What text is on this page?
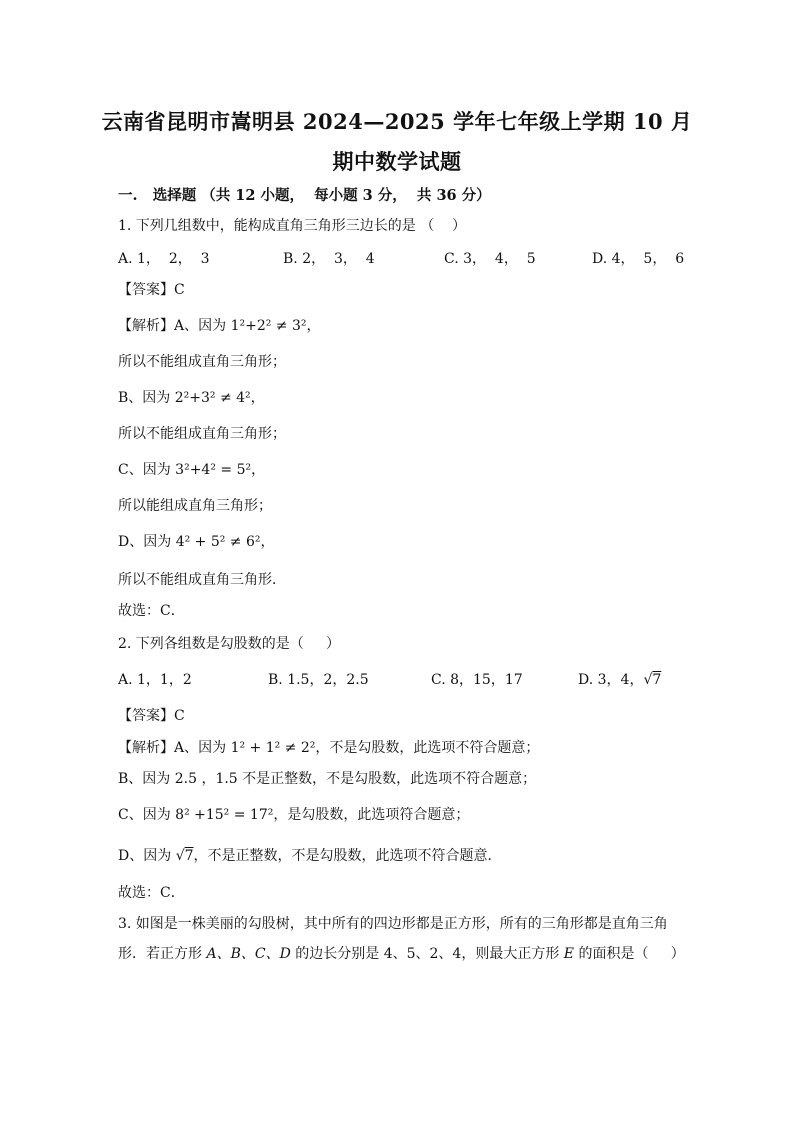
云南省昆明市嵩明县 2024—2025 学年七年级上学期 10 月
期中数学试题
一.   选择题 （共 12 小题，  每小题 3 分，  共 36 分）
1. 下列几组数中，能构成直角三角形三边长的是 （    ）
A. 1，  2，  3	B. 2，  3，  4	C. 3，  4，  5	D. 4，  5，  6
【答案】C
【解析】A、因为 1²+2² ≠ 3²，
所以不能组成直角三角形；
B、因为 2²+3² ≠ 4²，
所以不能组成直角三角形；
C、因为 3²+4² = 5²，
所以能组成直角三角形；
D、因为 4² + 5² ≠ 6²，
所以不能组成直角三角形．
故选：C．
2. 下列各组数是勾股数的是（     ）
A. 1，1，2	B. 1.5，2，2.5	C. 8，15，17	D. 3，4，√7
【答案】C
【解析】A、因为 1² + 1² ≠ 2²，不是勾股数，此选项不符合题意；
B、因为 2.5 ，1.5 不是正整数，不是勾股数，此选项不符合题意；
C、因为 8² +15² = 17²，是勾股数，此选项符合题意；
D、因为 √7，不是正整数，不是勾股数，此选项不符合题意．
故选：C．
3. 如图是一株美丽的勾股树，其中所有的四边形都是正方形，所有的三角形都是直角三角
形．若正方形 A、B、C、D 的边长分别是 4、5、2、4，则最大正方形 E 的面积是（     ）
